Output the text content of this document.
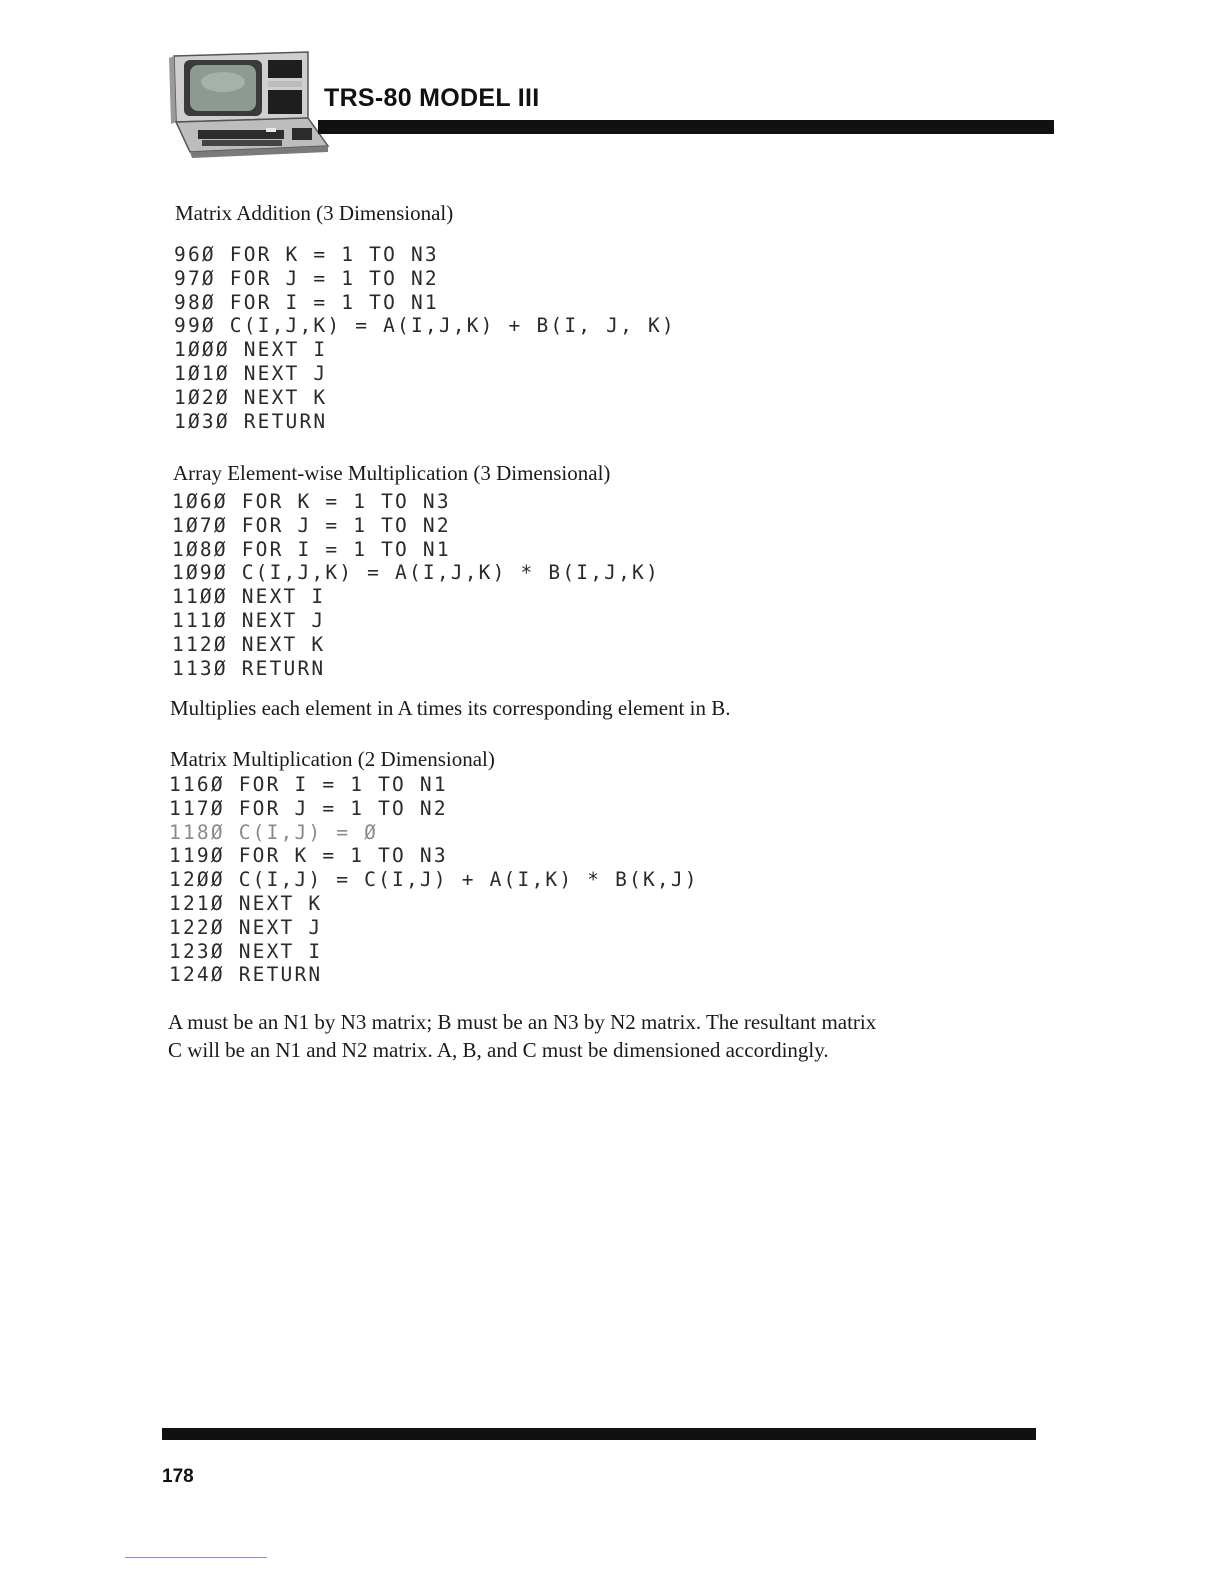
TRS-80 MODEL III
Matrix Addition (3 Dimensional)
96Ø FOR K = 1 TO N3
97Ø FOR J = 1 TO N2
98Ø FOR I = 1 TO N1
99Ø C(I,J,K) = A(I,J,K) + B(I, J, K)
1ØØØ NEXT I
1Ø1Ø NEXT J
1Ø2Ø NEXT K
1Ø3Ø RETURN
Array Element-wise Multiplication (3 Dimensional)
1Ø6Ø FOR K = 1 TO N3
1Ø7Ø FOR J = 1 TO N2
1Ø8Ø FOR I = 1 TO N1
1Ø9Ø C(I,J,K) = A(I,J,K) * B(I,J,K)
11ØØ NEXT I
111Ø NEXT J
112Ø NEXT K
113Ø RETURN
Multiplies each element in A times its corresponding element in B.
Matrix Multiplication (2 Dimensional)
116Ø FOR I = 1 TO N1
117Ø FOR J = 1 TO N2
118Ø C(I,J) = Ø
119Ø FOR K = 1 TO N3
12ØØ C(I,J) = C(I,J) + A(I,K) * B(K,J)
121Ø NEXT K
122Ø NEXT J
123Ø NEXT I
124Ø RETURN
A must be an N1 by N3 matrix; B must be an N3 by N2 matrix. The resultant matrix
C will be an N1 and N2 matrix. A, B, and C must be dimensioned accordingly.
178
